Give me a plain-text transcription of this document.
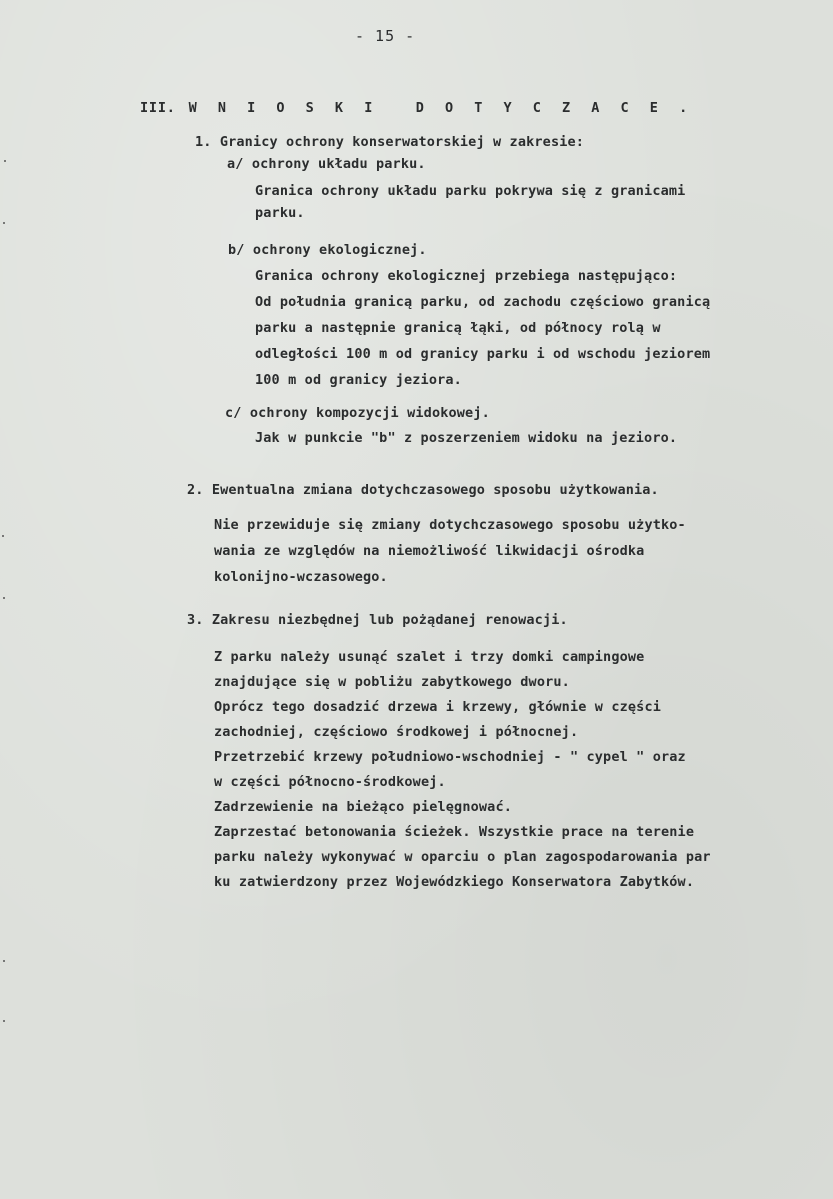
- 15 -
III. W N I O S K I	D O T Y C Z A C E .

1. Granicy ochrony konserwatorskiej w zakresie:

a/ ochrony układu parku.

Granica ochrony układu parku pokrywa się z granicami

parku.

b/ ochrony ekologicznej.

Granica ochrony ekologicznej przebiega następująco:

Od południa granicą parku, od zachodu częściowo granicą

parku a następnie granicą łąki, od północy rolą w

odległości 100 m od granicy parku i od wschodu jeziorem

100 m od granicy jeziora.

c/ ochrony kompozycji widokowej.

Jak w punkcie "b" z poszerzeniem widoku na jezioro.

2. Ewentualna zmiana dotychczasowego sposobu użytkowania.

Nie przewiduje się zmiany dotychczasowego sposobu użytko-

wania ze względów na niemożliwość likwidacji ośrodka

kolonijno-wczasowego.

3. Zakresu niezbędnej lub pożądanej renowacji.

Z parku należy usunąć szalet i trzy domki campingowe

znajdujące się w pobliżu zabytkowego dworu.

Oprócz tego dosadzić drzewa i krzewy, głównie w części

zachodniej, częściowo środkowej i północnej.

Przetrzebić krzewy południowo-wschodniej - " cypel " oraz

w części północno-środkowej.

Zadrzewienie na bieżąco pielęgnować.

Zaprzestać betonowania ścieżek. Wszystkie prace na terenie

parku należy wykonywać w oparciu o plan zagospodarowania par

ku zatwierdzony przez Wojewódzkiego Konserwatora Zabytków.
